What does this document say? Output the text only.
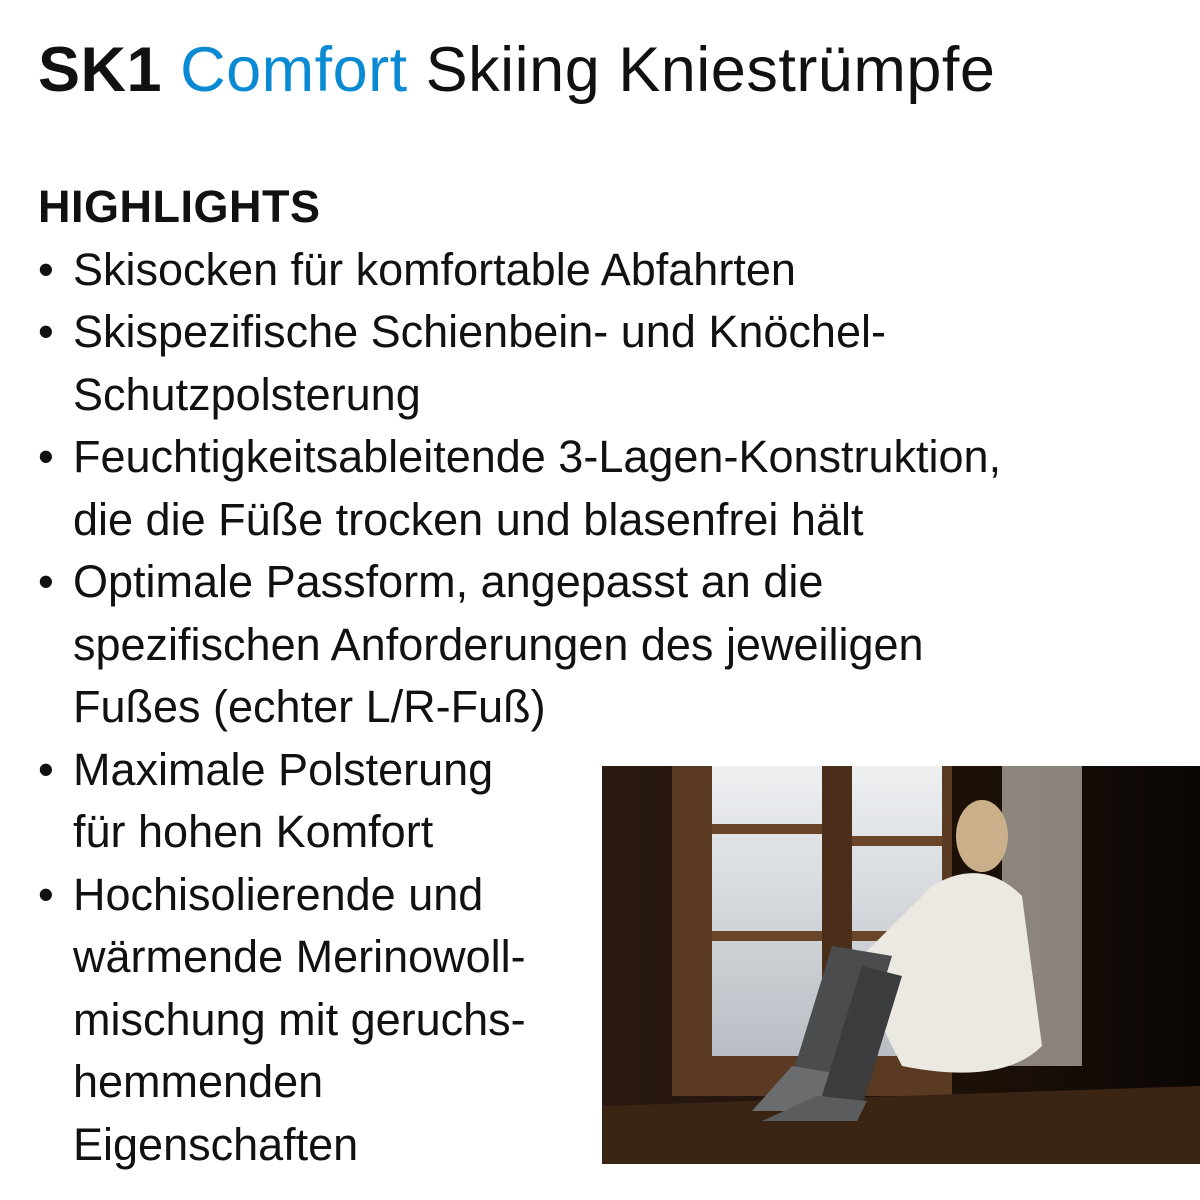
SK1 Comfort Skiing Kniestrümpfe
HIGHLIGHTS
• Skisocken für komfortable Abfahrten
• Skispezifische Schienbein- und Knöchel-
Schutzpolsterung
• Feuchtigkeitsableitende 3-Lagen-Konstruktion,
die die Füße trocken und blasenfrei hält
• Optimale Passform, angepasst an die
spezifischen Anforderungen des jeweiligen
Fußes (echter L/R-Fuß)
• Maximale Polsterung
für hohen Komfort
• Hochisolierende und
wärmende Merinowoll-
mischung mit geruchs-
hemmenden
Eigenschaften
